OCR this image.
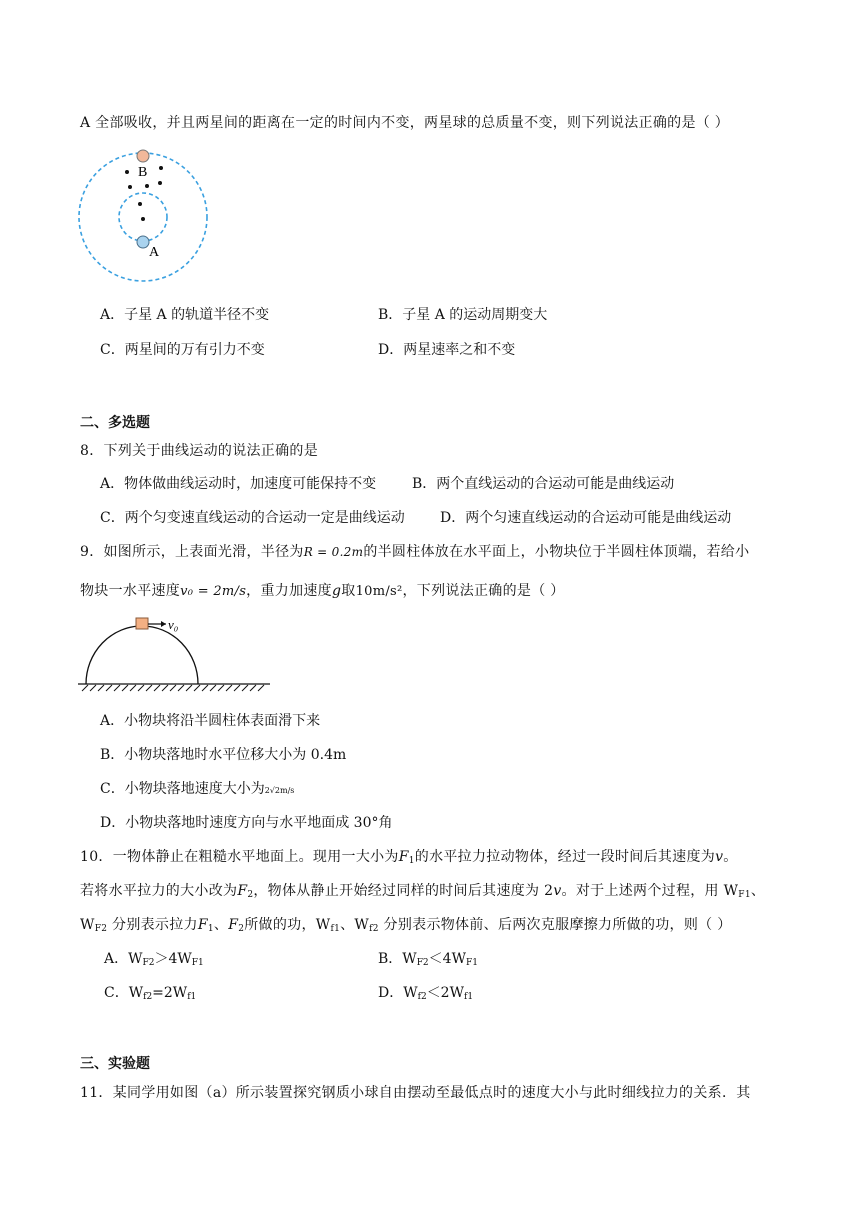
A 全部吸收，并且两星间的距离在一定的时间内不变，两星球的总质量不变，则下列说法正确的是（ ）
B
A
A．子星 A 的轨道半径不变	B．子星 A 的运动周期变大
C．两星间的万有引力不变	D．两星速率之和不变
二、多选题
8．下列关于曲线运动的说法正确的是
A．物体做曲线运动时，加速度可能保持不变	B．两个直线运动的合运动可能是曲线运动
C．两个匀变速直线运动的合运动一定是曲线运动	D．两个匀速直线运动的合运动可能是曲线运动
9．如图所示，上表面光滑，半径为R = 0.2m的半圆柱体放在水平面上，小物块位于半圆柱体顶端，若给小
物块一水平速度v₀ = 2m/s，重力加速度g取10m/s²，下列说法正确的是（ ）
v₀
A．小物块将沿半圆柱体表面滑下来
B．小物块落地时水平位移大小为 0.4m
C．小物块落地速度大小为2√2m/s
D．小物块落地时速度方向与水平地面成 30°角
10．一物体静止在粗糙水平地面上。现用一大小为$F_1$的水平拉力拉动物体，经过一段时间后其速度为v。
若将水平拉力的大小改为$F_2$，物体从静止开始经过同样的时间后其速度为 2v。对于上述两个过程，用 $W_{F1}$、
$W_{F2}$ 分别表示拉力$F_1$、$F_2$所做的功，$W_{f1}$、$W_{f2}$ 分别表示物体前、后两次克服摩擦力所做的功，则（ ）
A．$W_{F2}>4W_{F1}$	B．$W_{F2}<4W_{F1}$
C．$W_{f2}=2W_{f1}$	D．$W_{f2}<2W_{f1}$
三、实验题
11．某同学用如图（a）所示装置探究钢质小球自由摆动至最低点时的速度大小与此时细线拉力的关系．其
